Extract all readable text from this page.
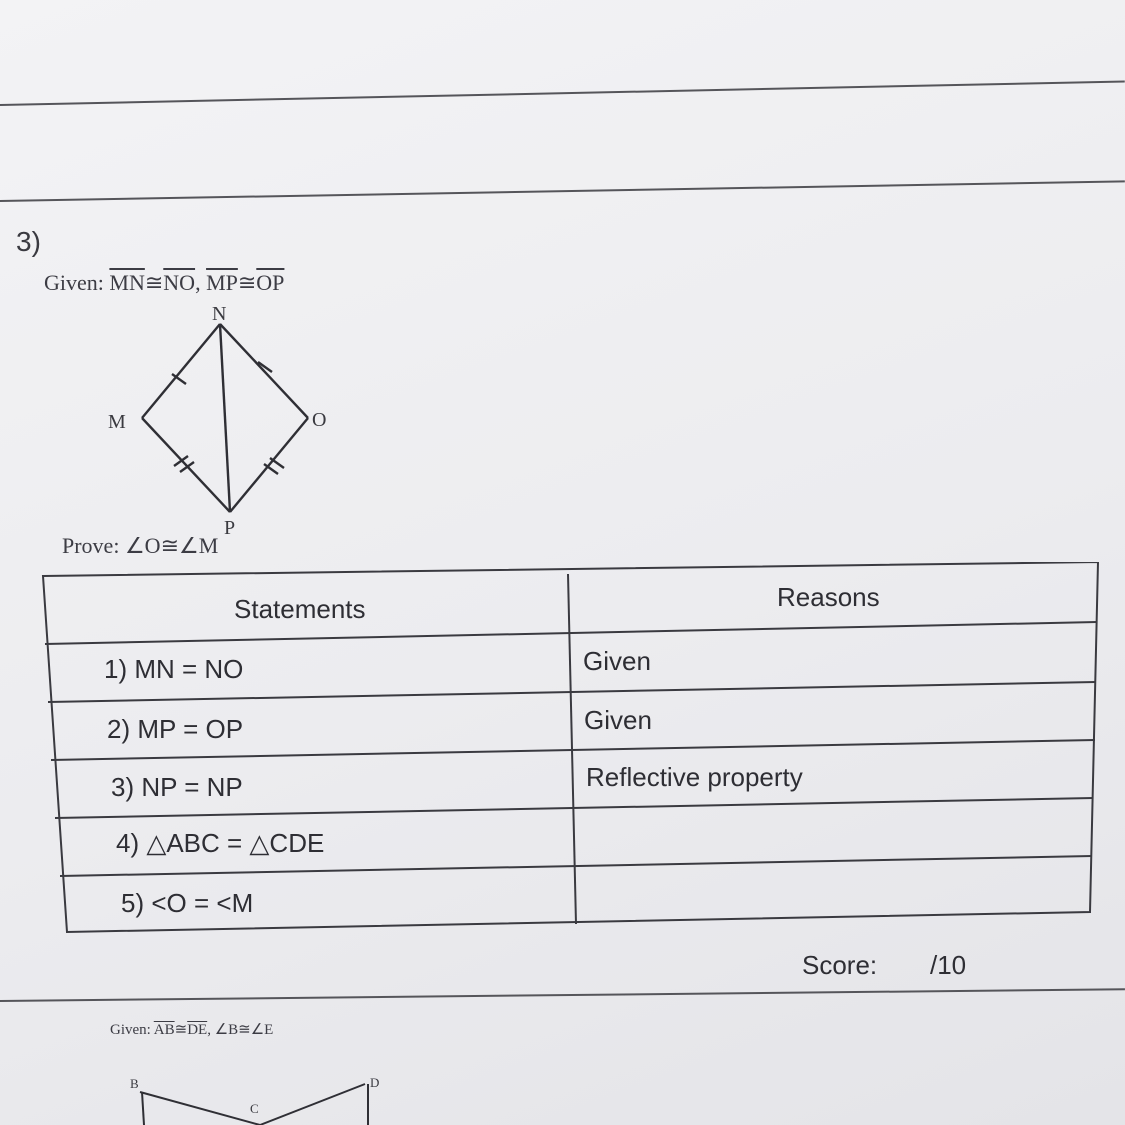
3)
Given: $\overline{MN}≅\overline{NO}$, $\overline{MP}≅\overline{OP}$
N
M	O
P
Prove: ∠O≅∠M
Statements	Reasons
1) MN = NO	Given
2) MP = OP	Given
3) NP = NP	Reflective property
4) △ABC = △CDE
5) <O = <M
Score: /10
Given: $\overline{AB}≅\overline{DE}$, ∠B≅∠E
B
C
D
